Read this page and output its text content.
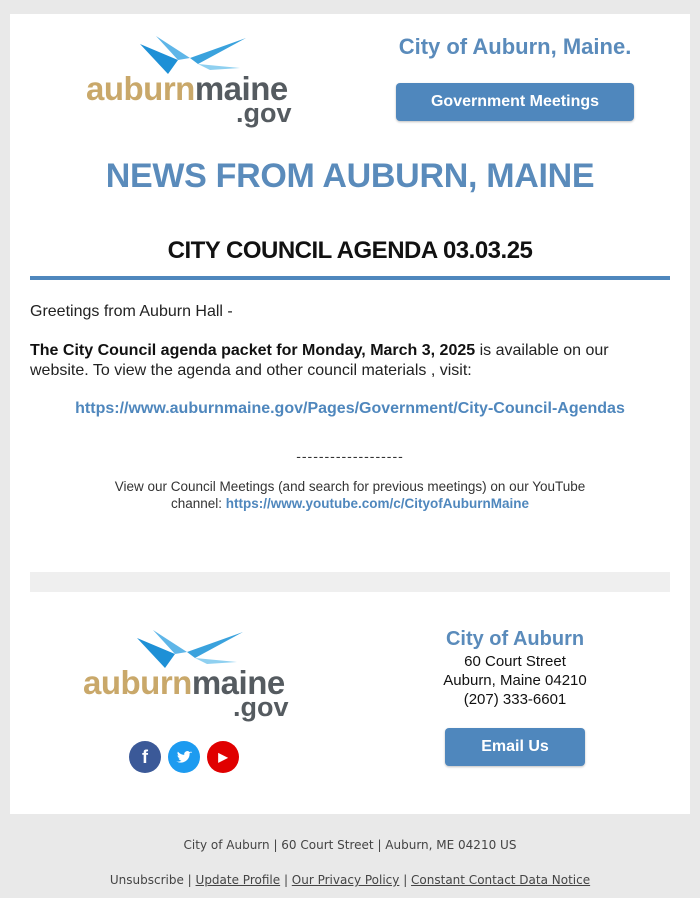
auburnmaine
.gov
City of Auburn, Maine.
Government Meetings
NEWS FROM AUBURN, MAINE
CITY COUNCIL AGENDA 03.03.25
Greetings from Auburn Hall -
The City Council agenda packet for Monday, March 3, 2025 is available on our website. To view the agenda and other council materials , visit:
https://www.auburnmaine.gov/Pages/Government/City-Council-Agendas
-------------------
View our Council Meetings (and search for previous meetings) on our YouTube channel: https://www.youtube.com/c/CityofAuburnMaine
auburnmaine
.gov
f	▶
City of Auburn
60 Court Street
Auburn, Maine 04210
(207) 333-6601
Email Us
City of Auburn | 60 Court Street | Auburn, ME 04210 US
Unsubscribe | Update Profile | Our Privacy Policy | Constant Contact Data Notice
